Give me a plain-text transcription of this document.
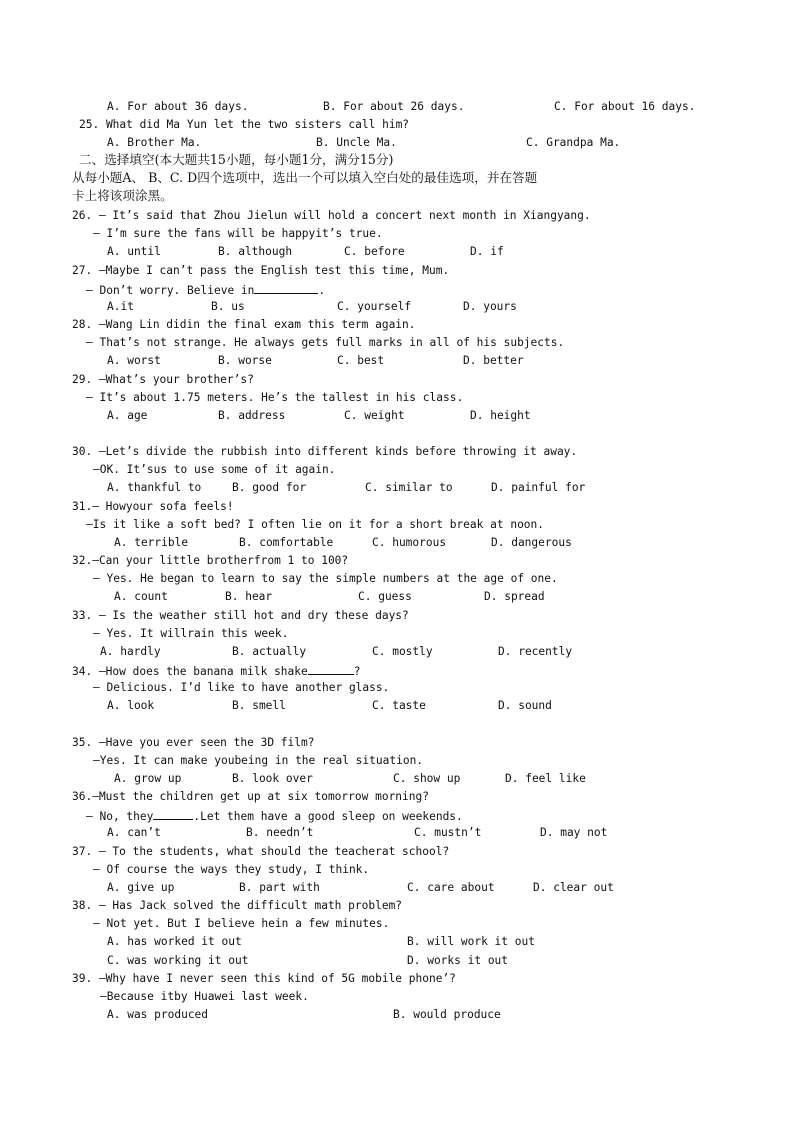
A. For about 36 days.	B. For about 26 days.	C. For about 16 days.
25. What did Ma Yun let the two sisters call him?
A. Brother Ma.	B. Uncle Ma.	C. Grandpa Ma.
二、选择填空(本大题共15小题，每小题1分，满分15分)
从每小题A、 B、C. D四个选项中，选出一个可以填入空白处的最佳选项，并在答题
卡上将该项涂黑。
26. — It’s said that Zhou Jielun will hold a concert next month in Xiangyang.
— I’m sure the fans will be happyit’s true.
A. until	B. although	C. before	D. if
27. —Maybe I can’t pass the English test this time, Mum.
— Don’t worry. Believe in	.
A.it	B. us	C. yourself	D. yours
28. —Wang Lin didin the final exam this term again.
— That’s not strange. He always gets full marks in all of his subjects.
A. worst	B. worse	C. best	D. better
29. —What’s your brother’s?
— It’s about 1.75 meters. He’s the tallest in his class.
A. age	B. address	C. weight	D. height
30. —Let’s divide the rubbish into different kinds before throwing it away.
—OK. It’sus to use some of it again.
A. thankful to	B. good for	C. similar to	D. painful for
31.— Howyour sofa feels!
—Is it like a soft bed? I often lie on it for a short break at noon.
A. terrible	B. comfortable	C. humorous	D. dangerous
32.—Can your little brotherfrom 1 to 100?
— Yes. He began to learn to say the simple numbers at the age of one.
A. count	B. hear	C. guess	D. spread
33. — Is the weather still hot and dry these days?
— Yes. It willrain this week.
A. hardly	B. actually	C. mostly	D. recently
34. —How does the banana milk shake	?
— Delicious. I’d like to have another glass.
A. look	B. smell	C. taste	D. sound
35. —Have you ever seen the 3D film?
—Yes. It can make youbeing in the real situation.
A. grow up	B. look over	C. show up	D. feel like
36.—Must the children get up at six tomorrow morning?
— No, they	.Let them have a good sleep on weekends.
A. can’t	B. needn’t	C. mustn’t	D. may not
37. — To the students, what should the teacherat school?
— Of course the ways they study, I think.
A. give up	B. part with	C. care about	D. clear out
38. — Has Jack solved the difficult math problem?
— Not yet. But I believe hein a few minutes.
A. has worked it out	B. will work it out
C. was working it out	D. works it out
39. —Why have I never seen this kind of 5G mobile phone’?
—Because itby Huawei last week.
A. was produced	B. would produce
